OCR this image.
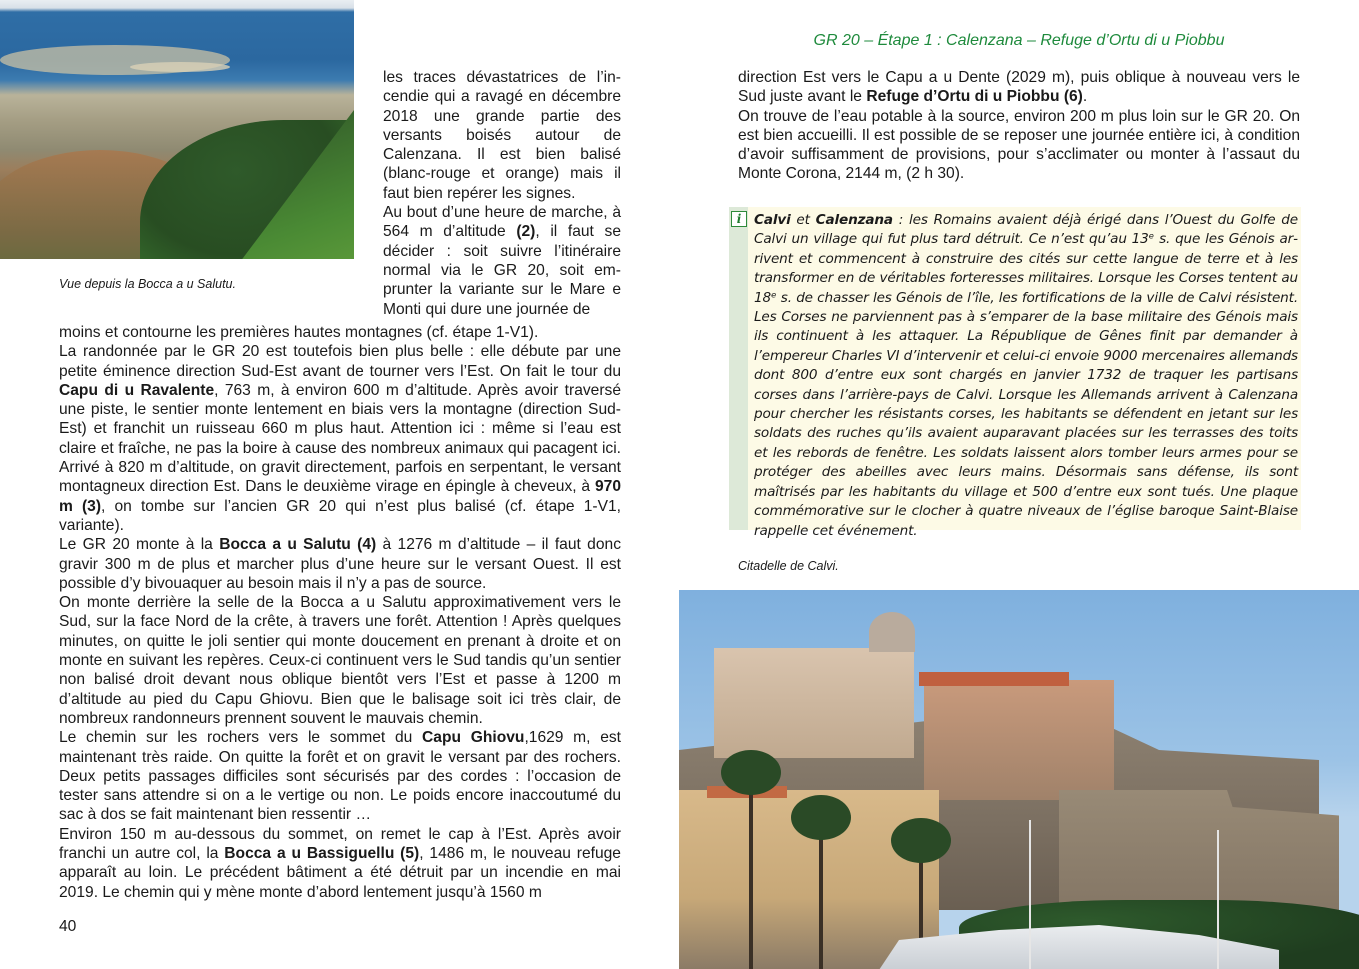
Vue depuis la Bocca a u Salutu.

les traces dévastatrices de l’incendie qui a ravagé en décembre 2018 une grande partie des versants boisés autour de Calenzana. Il est bien balisé (blanc-rouge et orange) mais il faut bien repérer les signes.

Au bout d’une heure de marche, à 564 m d’altitude (2), il faut se décider : soit suivre l’itinéraire normal via le GR 20, soit emprunter la variante sur le Mare e Monti qui dure une journée de

moins et contourne les premières hautes montagnes (cf. étape 1-V1).

La randonnée par le GR 20 est toutefois bien plus belle : elle débute par une petite éminence direction Sud-Est avant de tourner vers l’Est. On fait le tour du Capu di u Ravalente, 763 m, à environ 600 m d’altitude. Après avoir traversé une piste, le sentier monte lentement en biais vers la montagne (direction Sud-Est) et franchit un ruisseau 660 m plus haut. Attention ici : même si l’eau est claire et fraîche, ne pas la boire à cause des nombreux animaux qui pacagent ici. Arrivé à 820 m d’altitude, on gravit directement, parfois en serpentant, le versant montagneux direction Est. Dans le deuxième virage en épingle à cheveux, à 970 m (3), on tombe sur l’ancien GR 20 qui n’est plus balisé (cf. étape 1-V1, variante).

Le GR 20 monte à la Bocca a u Salutu (4) à 1276 m d’altitude – il faut donc gravir 300 m de plus et marcher plus d’une heure sur le versant Ouest. Il est possible d’y bivouaquer au besoin mais il n’y a pas de source.

On monte derrière la selle de la Bocca a u Salutu approximativement vers le Sud, sur la face Nord de la crête, à travers une forêt. Attention ! Après quelques minutes, on quitte le joli sentier qui monte doucement en prenant à droite et on monte en suivant les repères. Ceux-ci continuent vers le Sud tandis qu’un sentier non balisé droit devant nous oblique bientôt vers l’Est et passe à 1200 m d’altitude au pied du Capu Ghiovu. Bien que le balisage soit ici très clair, de nombreux randonneurs prennent souvent le mauvais chemin.

Le chemin sur les rochers vers le sommet du Capu Ghiovu,1629 m, est maintenant très raide. On quitte la forêt et on gravit le versant par des rochers. Deux petits passages difficiles sont sécurisés par des cordes : l’occasion de tester sans attendre si on a le vertige ou non. Le poids encore inaccoutumé du sac à dos se fait maintenant bien ressentir …

Environ 150 m au-dessous du sommet, on remet le cap à l’Est. Après avoir franchi un autre col, la Bocca a u Bassiguellu (5), 1486 m, le nouveau refuge apparaît au loin. Le précédent bâtiment a été détruit par un incendie en mai 2019. Le chemin qui y mène monte d’abord lentement jusqu’à 1560 m

40
GR 20 – Étape 1 : Calenzana – Refuge d’Ortu di u Piobbu

direction Est vers le Capu a u Dente (2029 m), puis oblique à nouveau vers le Sud juste avant le Refuge d’Ortu di u Piobbu (6).

On trouve de l’eau potable à la source, environ 200 m plus loin sur le GR 20. On est bien accueilli. Il est possible de se reposer une journée entière ici, à condition d’avoir suffisamment de provisions, pour s’acclimater ou monter à l’assaut du Monte Corona, 2144 m, (2 h 30).

i Calvi et Calenzana : les Romains avaient déjà érigé dans l’Ouest du Golfe de Calvi un village qui fut plus tard détruit. Ce n’est qu’au 13ᵉ s. que les Génois arrivent et commencent à construire des cités sur cette langue de terre et à les transformer en de véritables forteresses militaires. Lorsque les Corses tentent au 18ᵉ s. de chasser les Génois de l’île, les fortifications de la ville de Calvi résistent. Les Corses ne parviennent pas à s’emparer de la base militaire des Génois mais ils continuent à les attaquer. La République de Gênes finit par demander à l’empereur Charles VI d’intervenir et celui-ci envoie 9000 mercenaires allemands dont 800 d’entre eux sont chargés en janvier 1732 de traquer les partisans corses dans l’arrière-pays de Calvi. Lorsque les Allemands arrivent à Calenzana pour chercher les résistants corses, les habitants se défendent en jetant sur les soldats des ruches qu’ils avaient auparavant placées sur les terrasses des toits et les rebords de fenêtre. Les soldats laissent alors tomber leurs armes pour se protéger des abeilles avec leurs mains. Désormais sans défense, ils sont maîtrisés par les habitants du village et 500 d’entre eux sont tués. Une plaque commémorative sur le clocher à quatre niveaux de l’église baroque Saint-Blaise rappelle cet événement.
Citadelle de Calvi.
